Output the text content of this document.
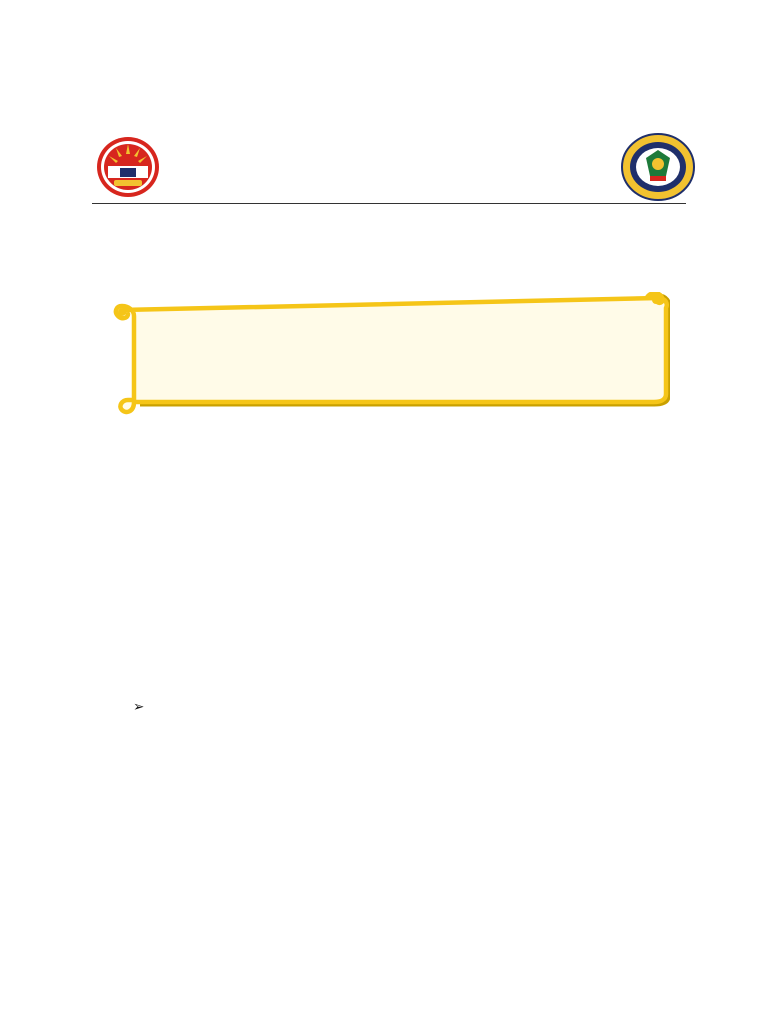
➢
